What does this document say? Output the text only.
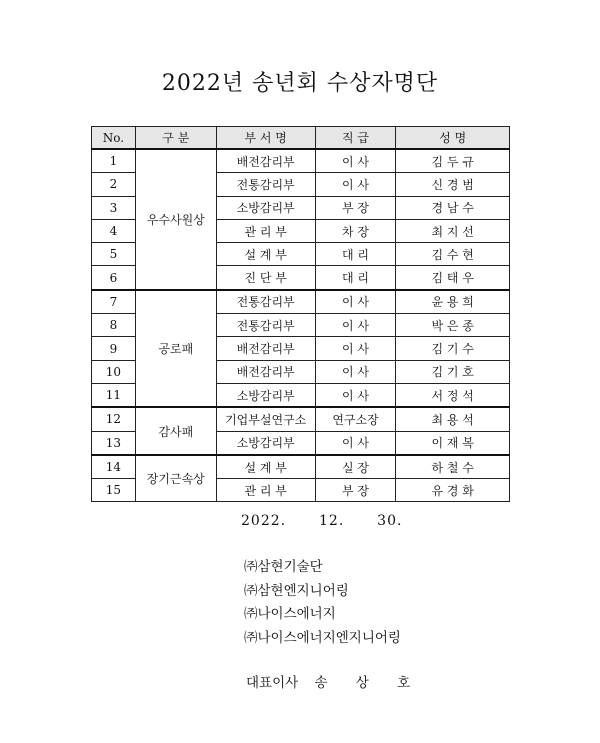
2022년 송년회 수상자명단
No.	구 분	부 서 명	직 급	성 명
1	우수사원상	배전감리부	이 사	김 두 규
2		전통감리부	이 사	신 경 범
3		소방감리부	부 장	경 남 수
4		관 리 부	차 장	최 지 선
5		설 계 부	대 리	김 수 현
6		진 단 부	대 리	김 태 우
7	공로패	전통감리부	이 사	윤 용 희
8		전통감리부	이 사	박 은 종
9		배전감리부	이 사	김 기 수
10		배전감리부	이 사	김 기 호
11		소방감리부	이 사	서 정 석
12	감사패	기업부설연구소	연구소장	최 용 석
13		소방감리부	이 사	이 재 복
14	장기근속상	설 계 부	실 장	하 철 수
15		관 리 부	부 장	유 경 화
2022. 12. 30.
㈜삼현기술단
㈜삼현엔지니어링
㈜나이스에너지
㈜나이스에너지엔지니어링
대표이사 송 상 호
